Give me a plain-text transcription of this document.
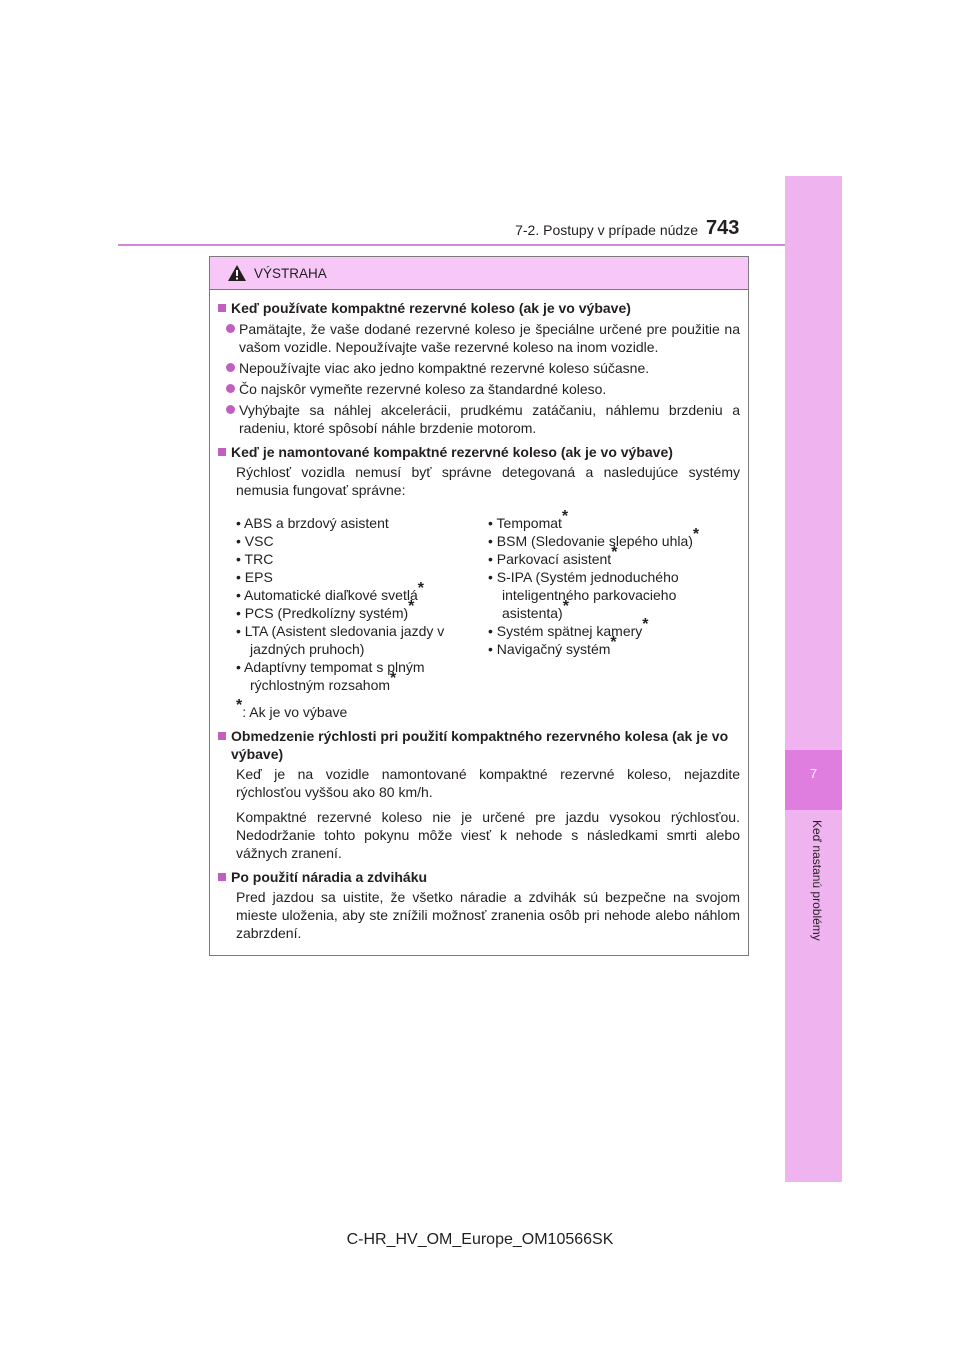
7
Keď nastanú problémy
7-2. Postupy v prípade núdze 743
VÝSTRAHA
Keď používate kompaktné rezervné koleso (ak je vo výbave)

Pamätajte, že vaše dodané rezervné koleso je špeciálne určené pre použitie na vašom vozidle. Nepoužívajte vaše rezervné koleso na inom vozidle.

Nepoužívajte viac ako jedno kompaktné rezervné koleso súčasne.

Čo najskôr vymeňte rezervné koleso za štandardné koleso.

Vyhýbajte sa náhlej akcelerácii, prudkému zatáčaniu, náhlemu brzdeniu a radeniu, ktoré spôsobí náhle brzdenie motorom.

Keď je namontované kompaktné rezervné koleso (ak je vo výbave)
Rýchlosť vozidla nemusí byť správne detegovaná a nasledujúce systémy nemusia fungovať správne:
• ABS a brzdový asistent
• VSC
• TRC
• EPS
• Automatické diaľkové svetlá*
• PCS (Predkolízny systém)*
• LTA (Asistent sledovania jazdy v jazdných pruhoch)
• Adaptívny tempomat s plným rýchlostným rozsahom*
• Tempomat*
• BSM (Sledovanie slepého uhla)*
• Parkovací asistent*
• S-IPA (Systém jednoduchého inteligentného parkovacieho asistenta)*
• Systém spätnej kamery*
• Navigačný systém*
*: Ak je vo výbave
Obmedzenie rýchlosti pri použití kompaktného rezervného kolesa (ak je vo výbave)
Keď je na vozidle namontované kompaktné rezervné koleso, nejazdite rýchlosťou vyššou ako 80 km/h.
Kompaktné rezervné koleso nie je určené pre jazdu vysokou rýchlosťou. Nedodržanie tohto pokynu môže viesť k nehode s následkami smrti alebo vážnych zranení.
Po použití náradia a zdviháku
Pred jazdou sa uistite, že všetko náradie a zdvihák sú bezpečne na svojom mieste uloženia, aby ste znížili možnosť zranenia osôb pri nehode alebo náhlom zabrzdení.
C-HR_HV_OM_Europe_OM10566SK
